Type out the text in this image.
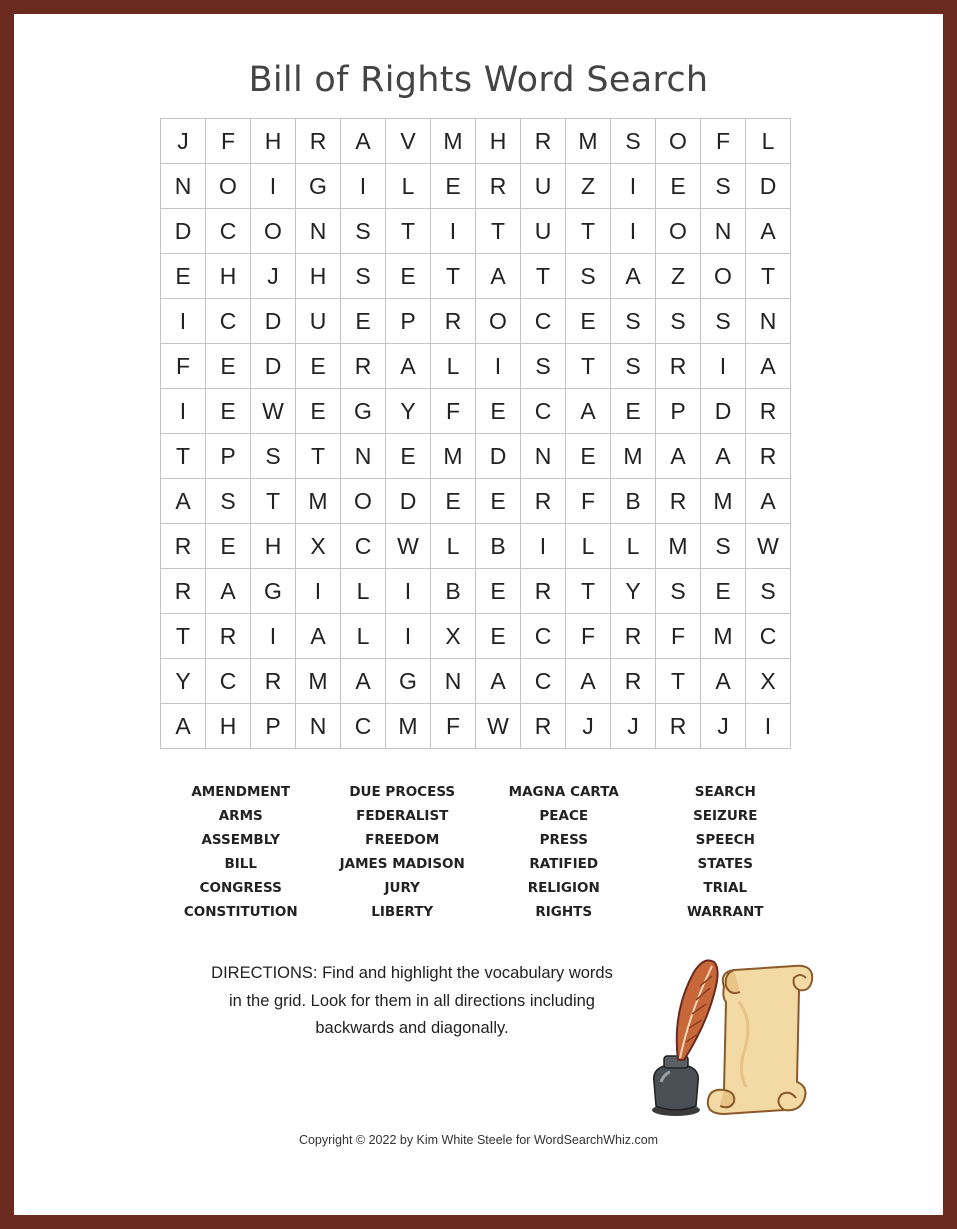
Bill of Rights Word Search
J	F	H	R	A	V	M	H	R	M	S	O	F	L
N	O	I	G	I	L	E	R	U	Z	I	E	S	D
D	C	O	N	S	T	I	T	U	T	I	O	N	A
E	H	J	H	S	E	T	A	T	S	A	Z	O	T
I	C	D	U	E	P	R	O	C	E	S	S	S	N
F	E	D	E	R	A	L	I	S	T	S	R	I	A
I	E	W	E	G	Y	F	E	C	A	E	P	D	R
T	P	S	T	N	E	M	D	N	E	M	A	A	R
A	S	T	M	O	D	E	E	R	F	B	R	M	A
R	E	H	X	C	W	L	B	I	L	L	M	S	W
R	A	G	I	L	I	B	E	R	T	Y	S	E	S
T	R	I	A	L	I	X	E	C	F	R	F	M	C
Y	C	R	M	A	G	N	A	C	A	R	T	A	X
A	H	P	N	C	M	F	W	R	J	J	R	J	I
AMENDMENT
ARMS
ASSEMBLY
BILL
CONGRESS
CONSTITUTION
DUE PROCESS
FEDERALIST
FREEDOM
JAMES MADISON
JURY
LIBERTY
MAGNA CARTA
PEACE
PRESS
RATIFIED
RELIGION
RIGHTS
SEARCH
SEIZURE
SPEECH
STATES
TRIAL
WARRANT
DIRECTIONS: Find and highlight the vocabulary words
in the grid. Look for them in all directions including
backwards and diagonally.
Copyright © 2022 by Kim White Steele for WordSearchWhiz.com
